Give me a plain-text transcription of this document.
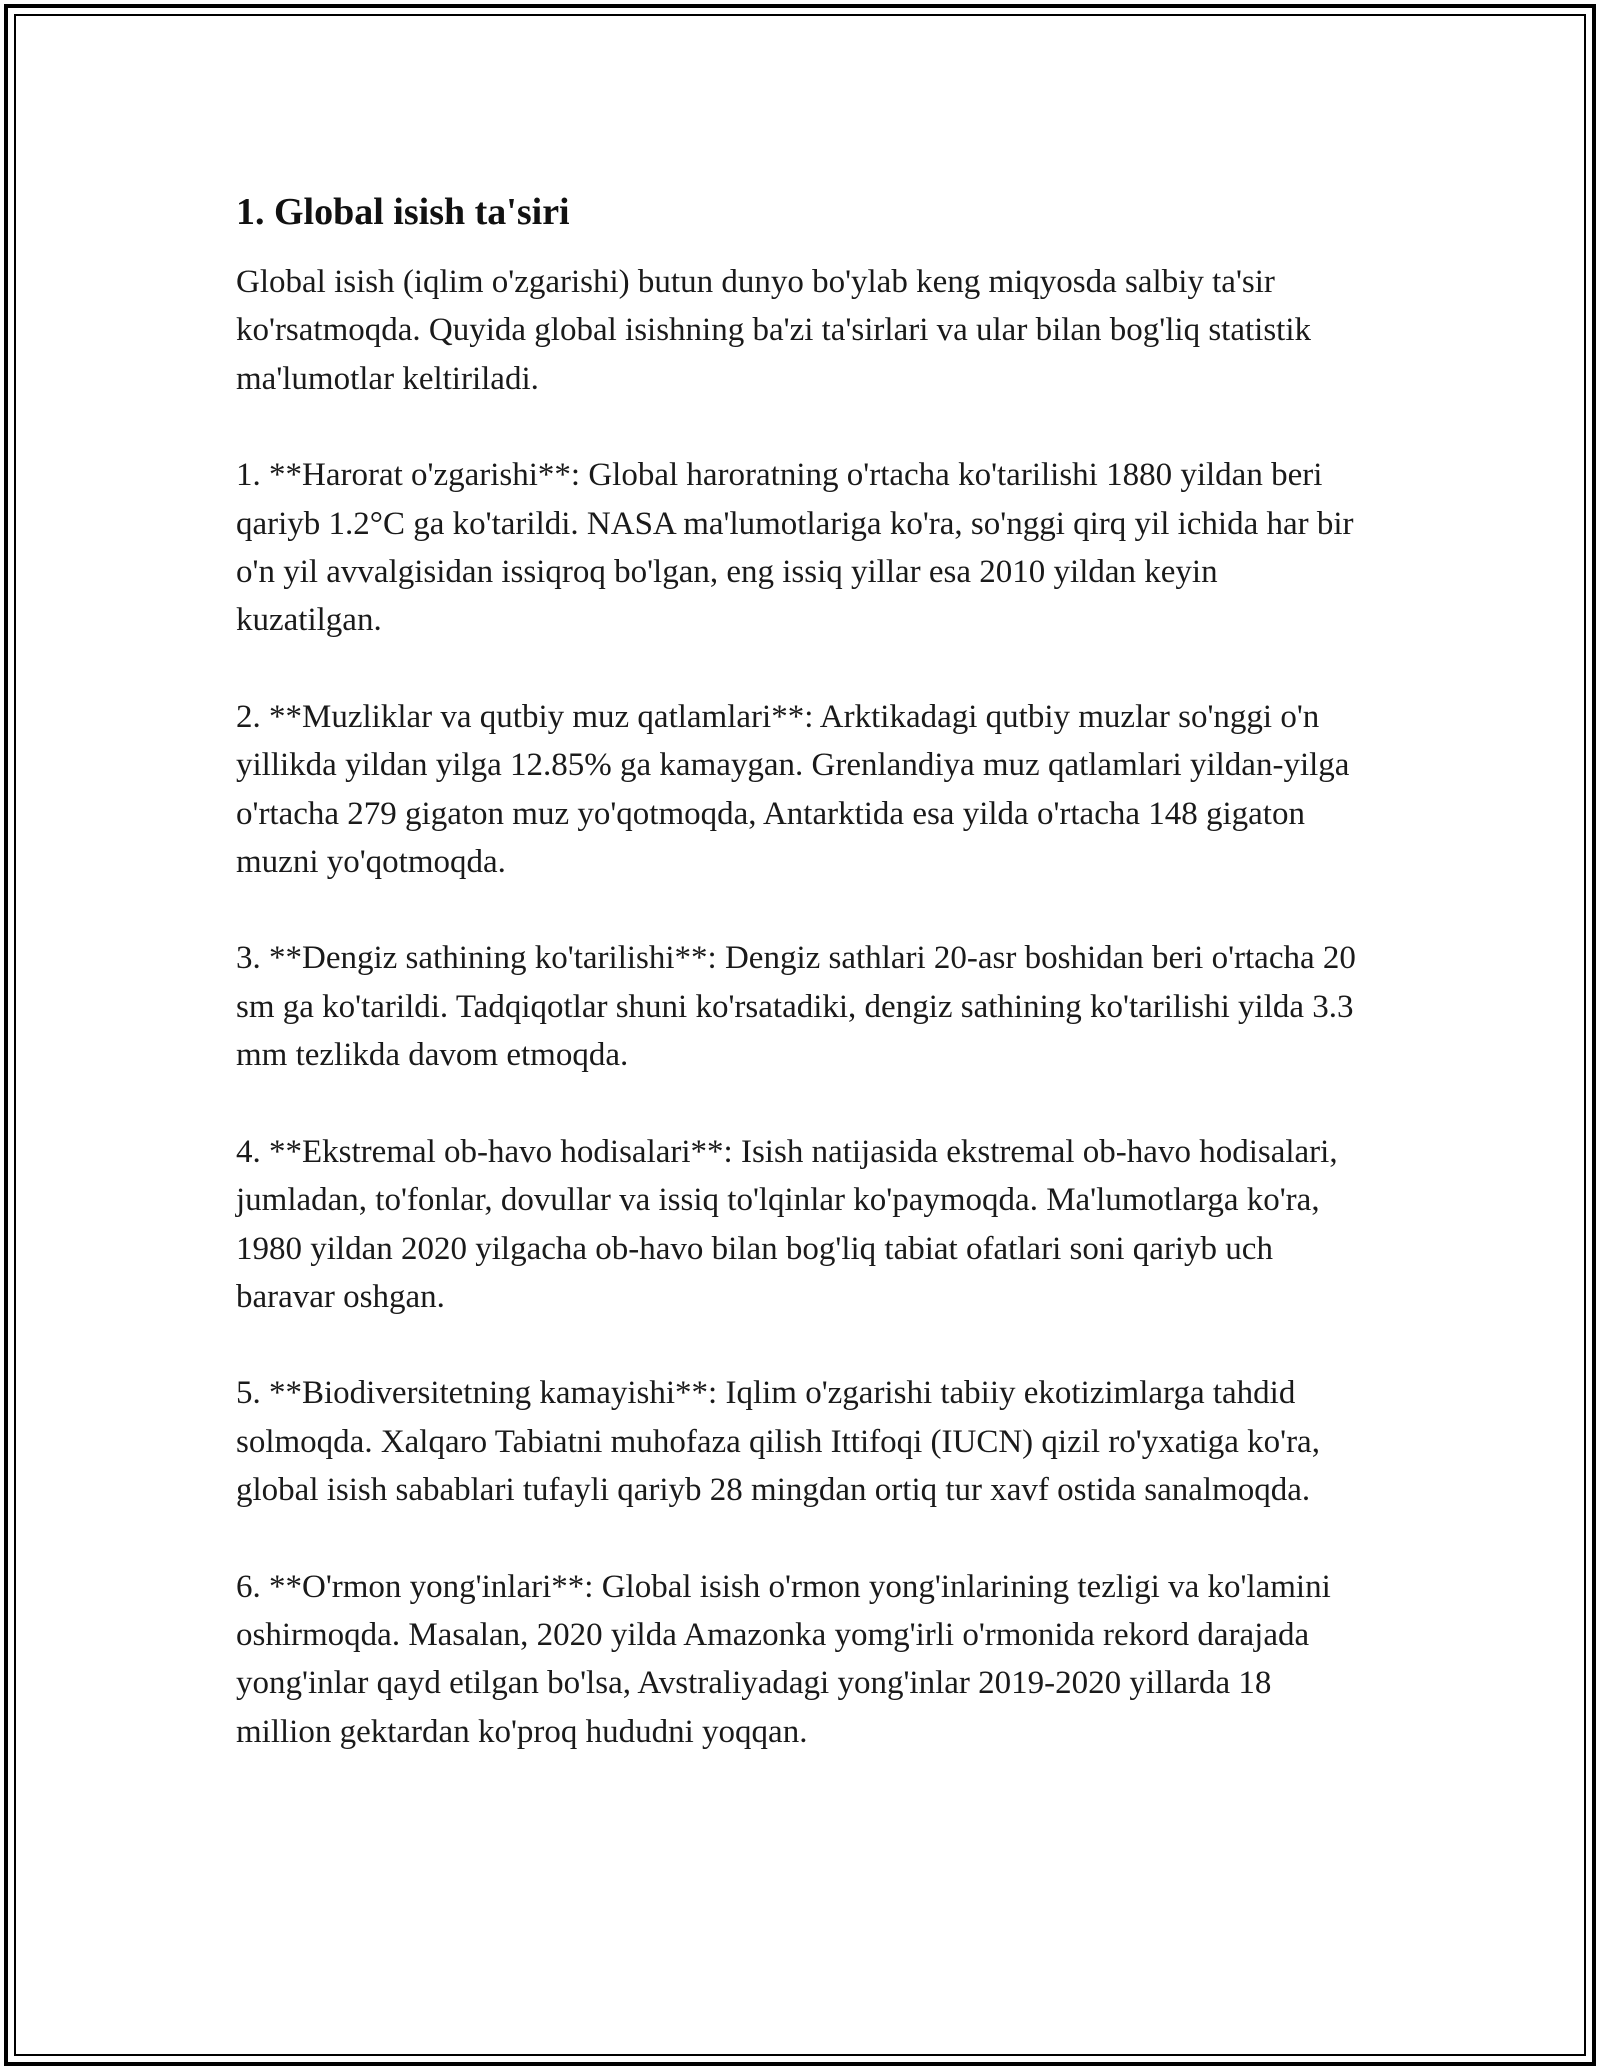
1. Global isish ta'siri

Global isish (iqlim o'zgarishi) butun dunyo bo'ylab keng miqyosda salbiy ta'sir ko'rsatmoqda. Quyida global isishning ba'zi ta'sirlari va ular bilan bog'liq statistik ma'lumotlar keltiriladi.

1. **Harorat o'zgarishi**: Global haroratning o'rtacha ko'tarilishi 1880 yildan beri qariyb 1.2°C ga ko'tarildi. NASA ma'lumotlariga ko'ra, so'nggi qirq yil ichida har bir o'n yil avvalgisidan issiqroq bo'lgan, eng issiq yillar esa 2010 yildan keyin kuzatilgan.

2. **Muzliklar va qutbiy muz qatlamlari**: Arktikadagi qutbiy muzlar so'nggi o'n yillikda yildan yilga 12.85% ga kamaygan. Grenlandiya muz qatlamlari yildan-yilga o'rtacha 279 gigaton muz yo'qotmoqda, Antarktida esa yilda o'rtacha 148 gigaton muzni yo'qotmoqda.

3. **Dengiz sathining ko'tarilishi**: Dengiz sathlari 20-asr boshidan beri o'rtacha 20 sm ga ko'tarildi. Tadqiqotlar shuni ko'rsatadiki, dengiz sathining ko'tarilishi yilda 3.3 mm tezlikda davom etmoqda.

4. **Ekstremal ob-havo hodisalari**: Isish natijasida ekstremal ob-havo hodisalari, jumladan, to'fonlar, dovullar va issiq to'lqinlar ko'paymoqda. Ma'lumotlarga ko'ra, 1980 yildan 2020 yilgacha ob-havo bilan bog'liq tabiat ofatlari soni qariyb uch baravar oshgan.

5. **Biodiversitetning kamayishi**: Iqlim o'zgarishi tabiiy ekotizimlarga tahdid solmoqda. Xalqaro Tabiatni muhofaza qilish Ittifoqi (IUCN) qizil ro'yxatiga ko'ra, global isish sabablari tufayli qariyb 28 mingdan ortiq tur xavf ostida sanalmoqda.

6. **O'rmon yong'inlari**: Global isish o'rmon yong'inlarining tezligi va ko'lamini oshirmoqda. Masalan, 2020 yilda Amazonka yomg'irli o'rmonida rekord darajada yong'inlar qayd etilgan bo'lsa, Avstraliyadagi yong'inlar 2019-2020 yillarda 18 million gektardan ko'proq hududni yoqqan.
